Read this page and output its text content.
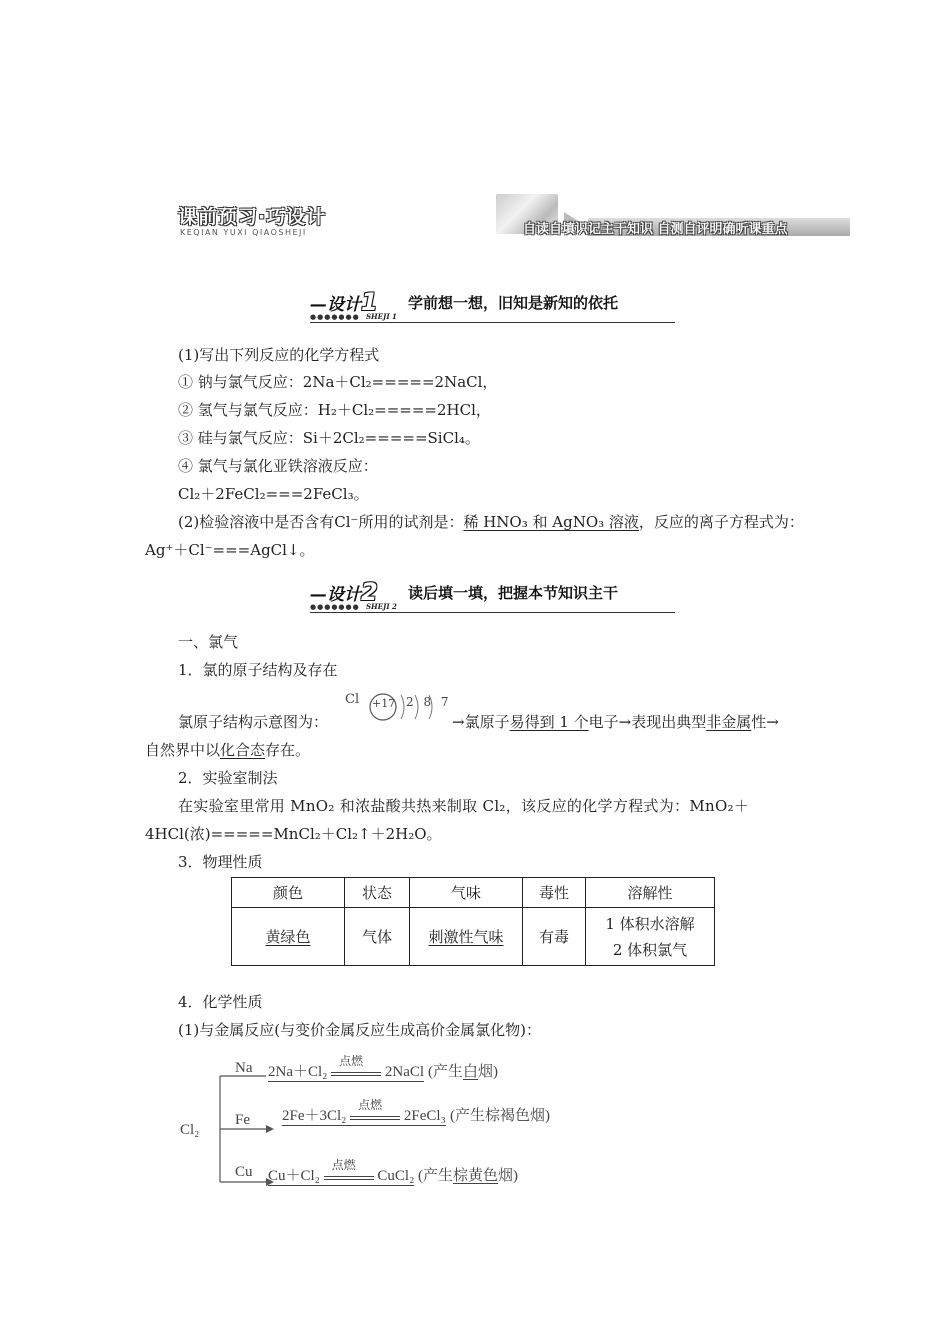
课前预习·巧设计
KEQIAN YUXI QIAOSHEJI	自读自填识记主干知识 自测自评明确听课重点
—设计1
●●●●●●● SHEJI 1
学前想一想，旧知是新知的依托
(1)写出下列反应的化学方程式
① 钠与氯气反应：2Na＋Cl₂=====2NaCl，
② 氢气与氯气反应：H₂＋Cl₂=====2HCl，
③ 硅与氯气反应：Si＋2Cl₂=====SiCl₄。
④ 氯气与氯化亚铁溶液反应：
Cl₂＋2FeCl₂===2FeCl₃。
(2)检验溶液中是否含有Cl⁻所用的试剂是：稀 HNO₃ 和 AgNO₃ 溶液，反应的离子方程式为：
Ag⁺＋Cl⁻===AgCl↓。
—设计2
●●●●●●● SHEJI 2
读后填一填，把握本节知识主干
一、氯气
1．氯的原子结构及存在
Cl +17 2 8 7
氯原子结构示意图为：	→氯原子易得到 1 个电子→表现出典型非金属性→
自然界中以化合态存在。
2．实验室制法
在实验室里常用 MnO₂ 和浓盐酸共热来制取 Cl₂，该反应的化学方程式为：MnO₂＋
4HCl(浓)=====MnCl₂＋Cl₂↑＋2H₂O。
3．物理性质
颜色	状态	气味	毒性	溶解性
黄绿色	气体	刺激性气味	有毒	1 体积水溶解
2 体积氯气
4．化学性质
(1)与金属反应(与变价金属反应生成高价金属氯化物)：
Cl₂
Na 2Na＋Cl₂
点燃
2NaCl (产生白烟)
Fe 2Fe＋3Cl₂
点燃
2FeCl₃ (产生棕褐色烟)
Cu Cu＋Cl₂
点燃
CuCl₂ (产生棕黄色烟)
